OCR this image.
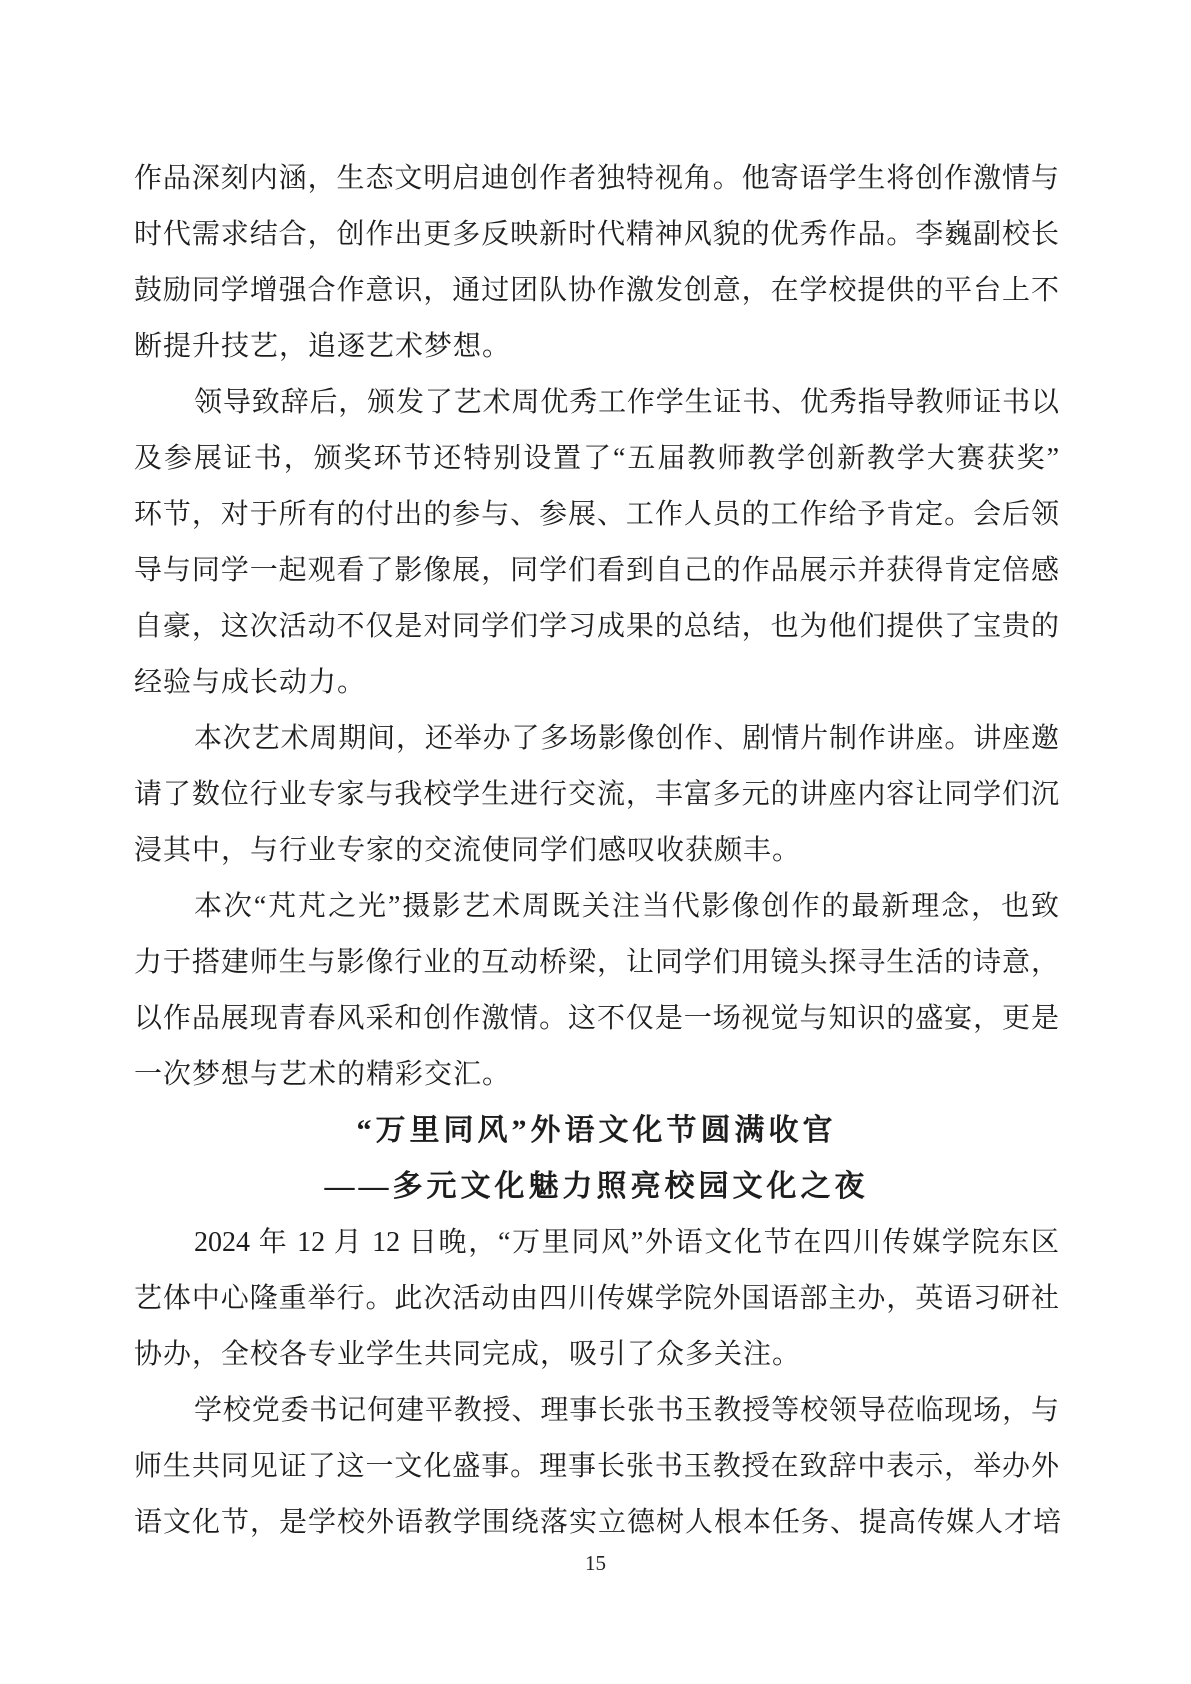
作品深刻内涵，生态文明启迪创作者独特视角。他寄语学生将创作激情与
时代需求结合，创作出更多反映新时代精神风貌的优秀作品。李巍副校长
鼓励同学增强合作意识，通过团队协作激发创意，在学校提供的平台上不
断提升技艺，追逐艺术梦想。
领导致辞后，颁发了艺术周优秀工作学生证书、优秀指导教师证书以
及参展证书，颁奖环节还特别设置了“五届教师教学创新教学大赛获奖”
环节，对于所有的付出的参与、参展、工作人员的工作给予肯定。会后领
导与同学一起观看了影像展，同学们看到自己的作品展示并获得肯定倍感
自豪，这次活动不仅是对同学们学习成果的总结，也为他们提供了宝贵的
经验与成长动力。
本次艺术周期间，还举办了多场影像创作、剧情片制作讲座。讲座邀
请了数位行业专家与我校学生进行交流，丰富多元的讲座内容让同学们沉
浸其中，与行业专家的交流使同学们感叹收获颇丰。
本次“芃芃之光”摄影艺术周既关注当代影像创作的最新理念，也致
力于搭建师生与影像行业的互动桥梁，让同学们用镜头探寻生活的诗意，
以作品展现青春风采和创作激情。这不仅是一场视觉与知识的盛宴，更是
一次梦想与艺术的精彩交汇。
“万里同风”外语文化节圆满收官
——多元文化魅力照亮校园文化之夜
2024 年 12 月 12 日晚，“万里同风”外语文化节在四川传媒学院东区
艺体中心隆重举行。此次活动由四川传媒学院外国语部主办，英语习研社
协办，全校各专业学生共同完成，吸引了众多关注。
学校党委书记何建平教授、理事长张书玉教授等校领导莅临现场，与
师生共同见证了这一文化盛事。理事长张书玉教授在致辞中表示，举办外
语文化节，是学校外语教学围绕落实立德树人根本任务、提高传媒人才培
15
